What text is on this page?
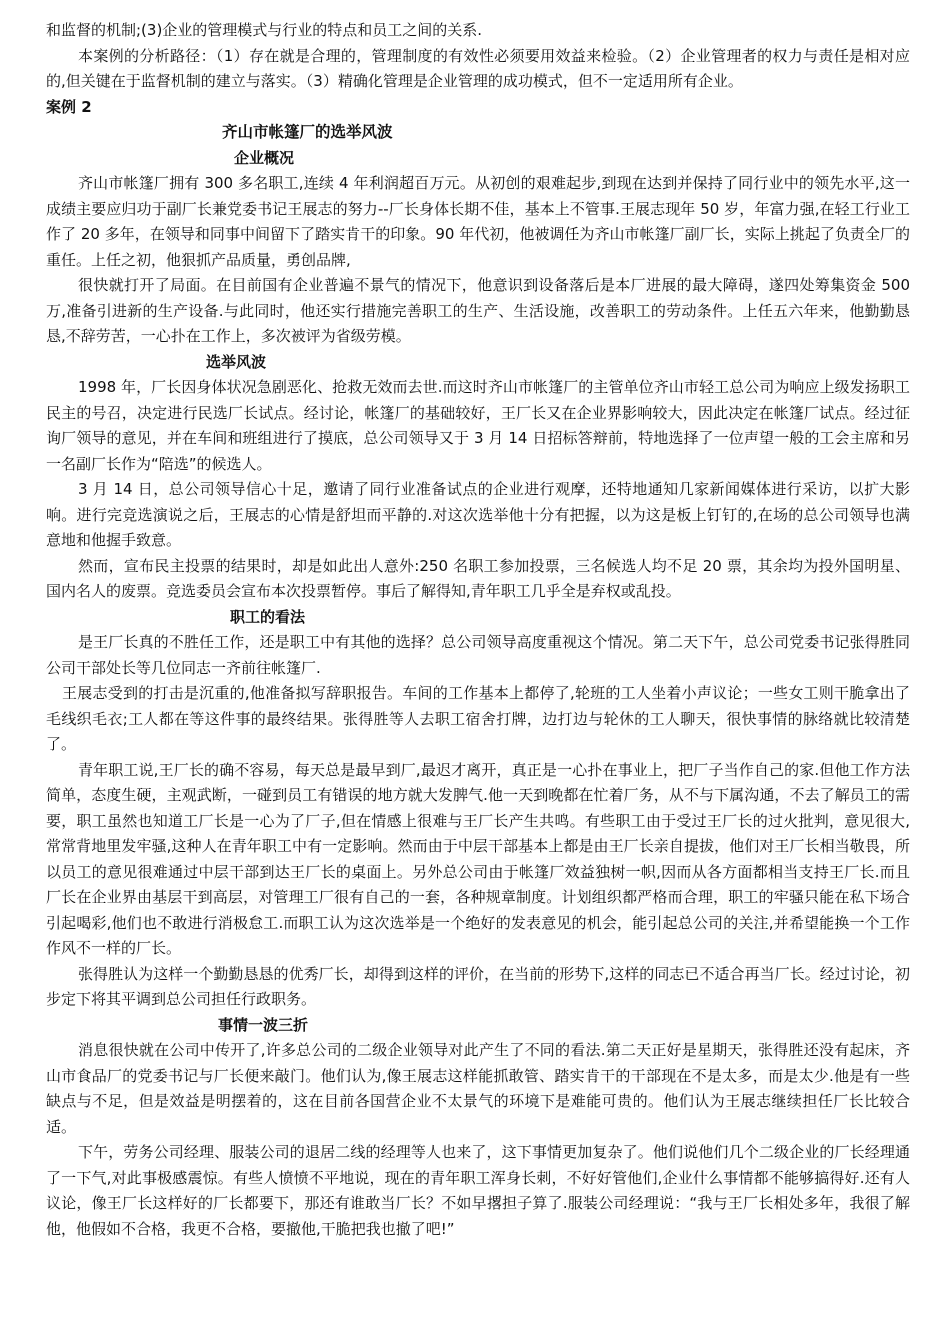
和监督的机制;(3)企业的管理模式与行业的特点和员工之间的关系.

本案例的分析路径：（1）存在就是合理的，管理制度的有效性必须要用效益来检验。（2）企业管理者的权力与责任是相对应的,但关键在于监督机制的建立与落实。（3）精确化管理是企业管理的成功模式，但不一定适用所有企业。

案例 2

齐山市帐篷厂的选举风波

企业概况

齐山市帐篷厂拥有 300 多名职工,连续 4 年利润超百万元。从初创的艰难起步,到现在达到并保持了同行业中的领先水平,这一成绩主要应归功于副厂长兼党委书记王展志的努力--厂长身体长期不佳，基本上不管事.王展志现年 50 岁，年富力强,在轻工行业工作了 20 多年，在领导和同事中间留下了踏实肯干的印象。90 年代初，他被调任为齐山市帐篷厂副厂长，实际上挑起了负责全厂的重任。上任之初，他狠抓产品质量，勇创品牌,

很快就打开了局面。在目前国有企业普遍不景气的情况下，他意识到设备落后是本厂进展的最大障碍，遂四处筹集资金 500 万,准备引进新的生产设备.与此同时，他还实行措施完善职工的生产、生活设施，改善职工的劳动条件。上任五六年来，他勤勤恳恳,不辞劳苦，一心扑在工作上，多次被评为省级劳模。

选举风波

1998 年，厂长因身体状况急剧恶化、抢救无效而去世.而这时齐山市帐篷厂的主管单位齐山市轻工总公司为响应上级发扬职工民主的号召，决定进行民选厂长试点。经讨论，帐篷厂的基础较好，王厂长又在企业界影响较大，因此决定在帐篷厂试点。经过征询厂领导的意见，并在车间和班组进行了摸底，总公司领导又于 3 月 14 日招标答辩前，特地选择了一位声望一般的工会主席和另一名副厂长作为“陪选”的候选人。

3 月 14 日，总公司领导信心十足，邀请了同行业准备试点的企业进行观摩，还特地通知几家新闻媒体进行采访，以扩大影响。进行完竞选演说之后，王展志的心情是舒坦而平静的.对这次选举他十分有把握，以为这是板上钉钉的,在场的总公司领导也满意地和他握手致意。

然而，宣布民主投票的结果时，却是如此出人意外:250 名职工参加投票，三名候选人均不足 20 票，其余均为投外国明星、国内名人的废票。竞选委员会宣布本次投票暂停。事后了解得知,青年职工几乎全是弃权或乱投。

职工的看法

是王厂长真的不胜任工作，还是职工中有其他的选择？总公司领导高度重视这个情况。第二天下午，总公司党委书记张得胜同公司干部处长等几位同志一齐前往帐篷厂.

王展志受到的打击是沉重的,他准备拟写辞职报告。车间的工作基本上都停了,轮班的工人坐着小声议论；一些女工则干脆拿出了毛线织毛衣;工人都在等这件事的最终结果。张得胜等人去职工宿舍打牌，边打边与轮休的工人聊天，很快事情的脉络就比较清楚了。

青年职工说,王厂长的确不容易，每天总是最早到厂,最迟才离开，真正是一心扑在事业上，把厂子当作自己的家.但他工作方法简单，态度生硬，主观武断，一碰到员工有错误的地方就大发脾气.他一天到晚都在忙着厂务，从不与下属沟通，不去了解员工的需要，职工虽然也知道工厂长是一心为了厂子,但在情感上很难与王厂长产生共鸣。有些职工由于受过王厂长的过火批判，意见很大,常常背地里发牢骚,这种人在青年职工中有一定影响。然而由于中层干部基本上都是由王厂长亲自提拔，他们对王厂长相当敬畏，所以员工的意见很难通过中层干部到达王厂长的桌面上。另外总公司由于帐篷厂效益独树一帜,因而从各方面都相当支持王厂长.而且厂长在企业界由基层干到高层，对管理工厂很有自己的一套，各种规章制度。计划组织都严格而合理，职工的牢骚只能在私下场合引起喝彩,他们也不敢进行消极怠工.而职工认为这次选举是一个绝好的发表意见的机会，能引起总公司的关注,并希望能换一个工作作风不一样的厂长。

张得胜认为这样一个勤勤恳恳的优秀厂长，却得到这样的评价，在当前的形势下,这样的同志已不适合再当厂长。经过讨论，初步定下将其平调到总公司担任行政职务。

事情一波三折

消息很快就在公司中传开了,许多总公司的二级企业领导对此产生了不同的看法.第二天正好是星期天，张得胜还没有起床，齐山市食品厂的党委书记与厂长便来敲门。他们认为,像王展志这样能抓敢管、踏实肯干的干部现在不是太多，而是太少.他是有一些缺点与不足，但是效益是明摆着的，这在目前各国营企业不太景气的环境下是难能可贵的。他们认为王展志继续担任厂长比较合适。

下午，劳务公司经理、服装公司的退居二线的经理等人也来了，这下事情更加复杂了。他们说他们几个二级企业的厂长经理通了一下气,对此事极感震惊。有些人愤愤不平地说，现在的青年职工浑身长刺，不好好管他们,企业什么事情都不能够搞得好.还有人议论，像王厂长这样好的厂长都要下，那还有谁敢当厂长？不如早撂担子算了.服装公司经理说：“我与王厂长相处多年，我很了解他，他假如不合格，我更不合格，要撤他,干脆把我也撤了吧!”
